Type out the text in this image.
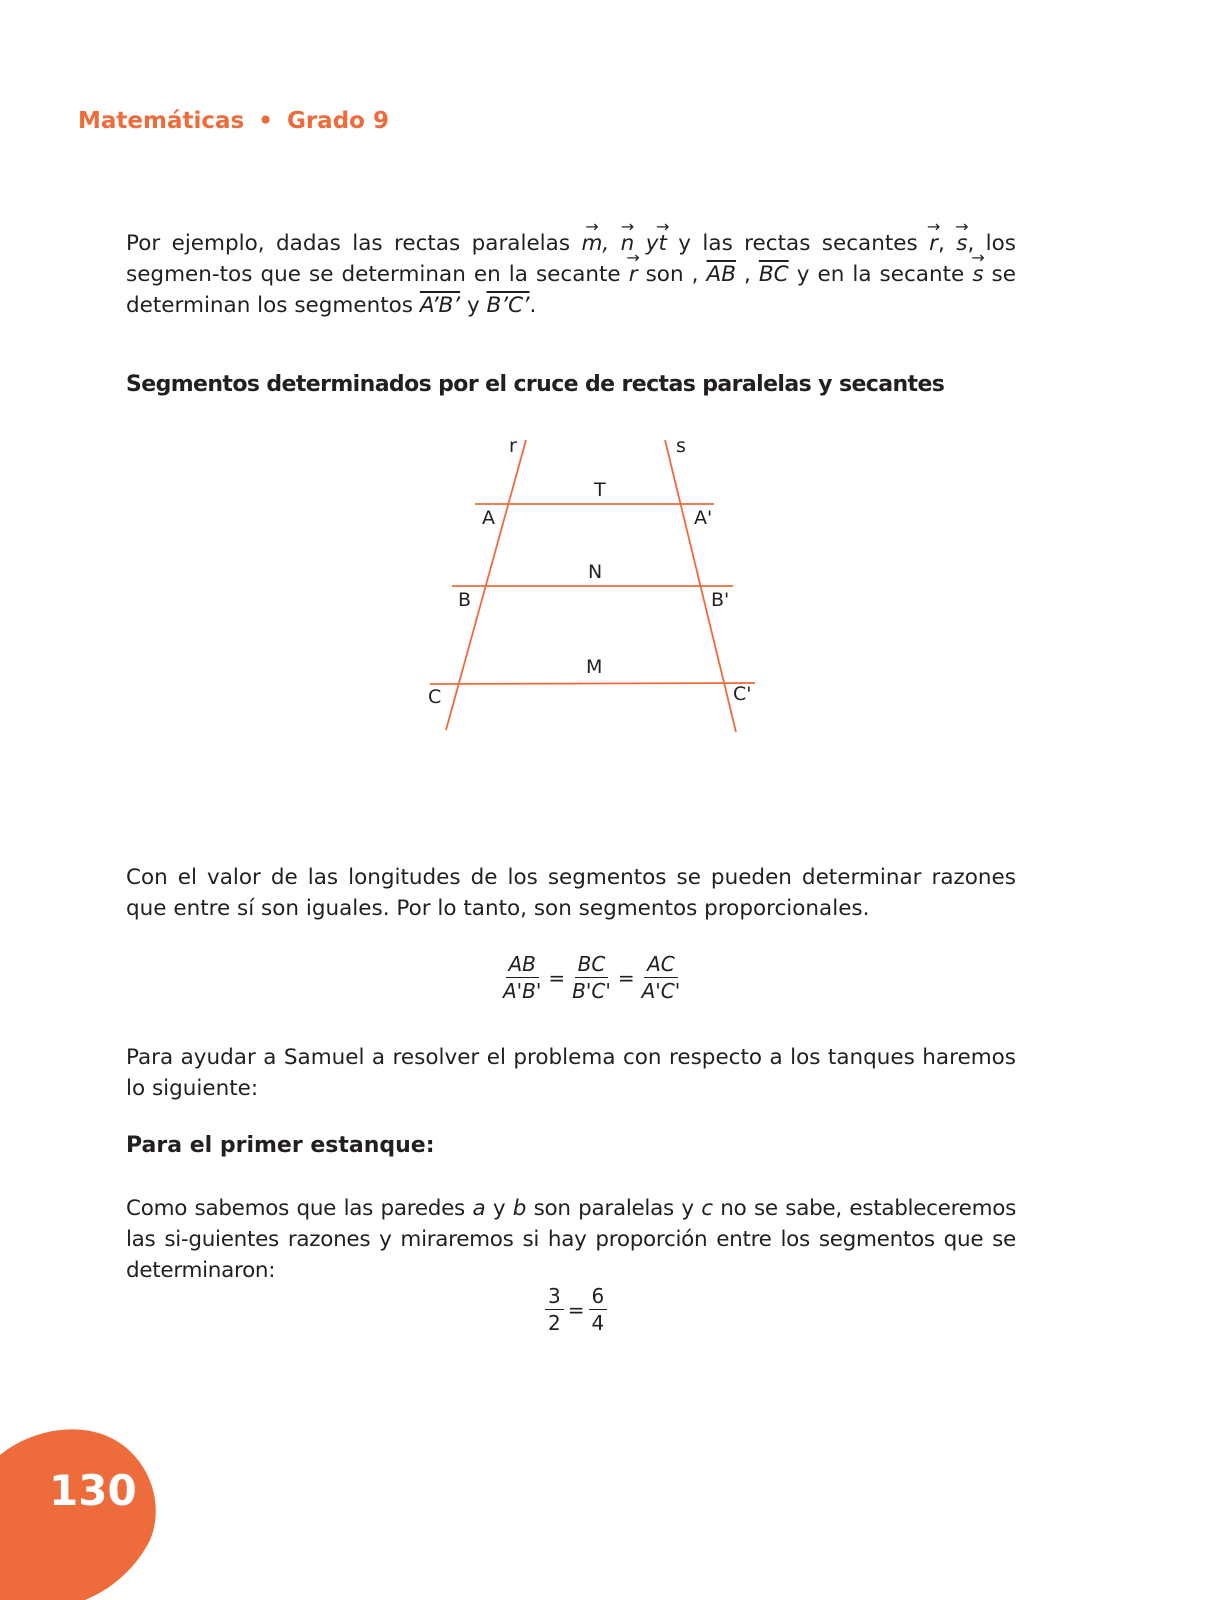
Matemáticas • Grado 9
Por ejemplo, dadas las rectas paralelas → m, → n y→ t y las rectas secantes → r, → s, los segmen-tos que se determinan en la secante → r son , $\overline{AB}$ , $\overline{BC}$ y en la secante → s se determinan los segmentos A’B’ y B’C’.
Segmentos determinados por el cruce de rectas paralelas y secantes
r	s
T
A	A'
N
B	B'
M
C	C'
Con el valor de las longitudes de los segmentos se pueden determinar razones que entre sí son iguales. Por lo tanto, son segmentos proporcionales.
$\frac{AB}{A'B'} = \frac{BC}{B'C'} = \frac{AC}{A'C'}$
Para ayudar a Samuel a resolver el problema con respecto a los tanques haremos lo siguiente:
Para el primer estanque:
Como sabemos que las paredes a y b son paralelas y c no se sabe, estableceremos las si-guientes razones y miraremos si hay proporción entre los segmentos que se determinaron:
$\frac{3}{2} = \frac{6}{4}$
130
